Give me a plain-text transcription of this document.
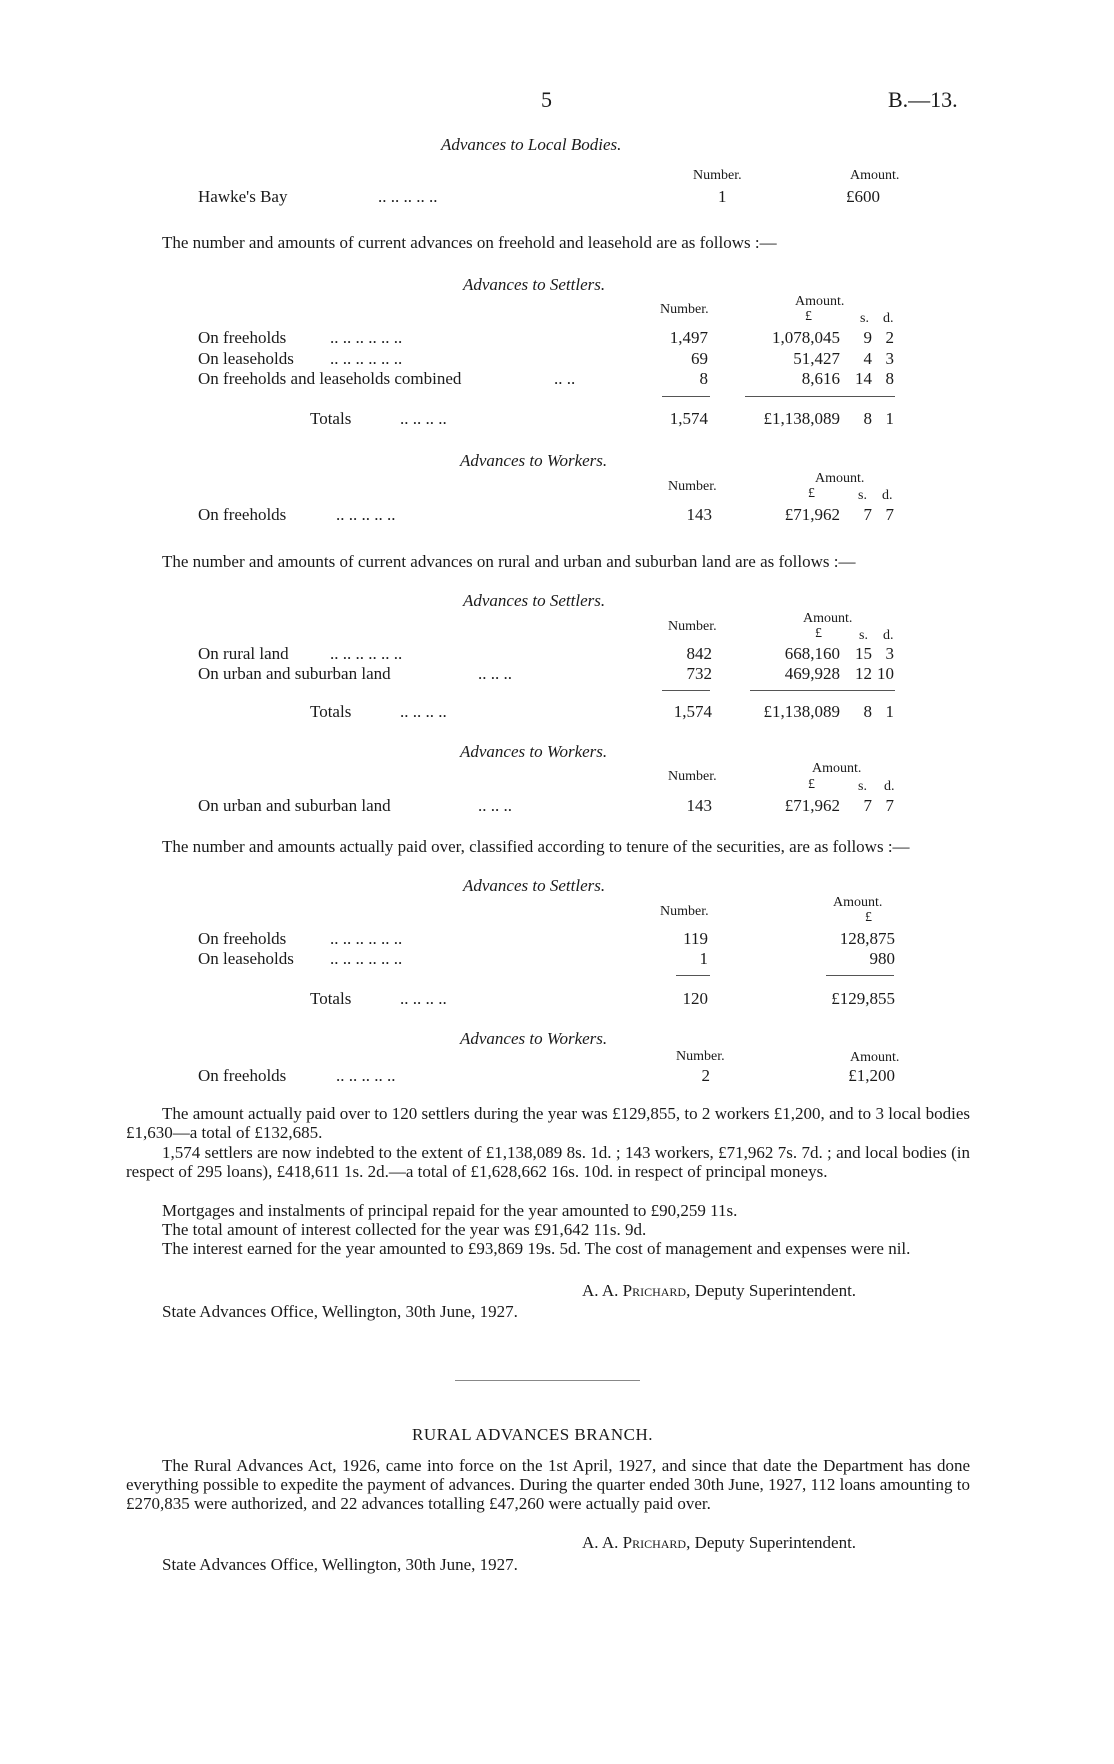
5	B.—13.
Advances to Local Bodies.
Number.	Amount.
Hawke's Bay	.. .. .. .. ..	1	£600
The number and amounts of current advances on freehold and leasehold are as follows :—
Advances to Settlers.
Number.
Amount.
£	s. d.
On freeholds	.. .. .. .. .. ..	1,497	1,078,045	9 2
On leaseholds .. .. .. .. .. ..	69	51,427	4 3
On freeholds and leaseholds combined	.. ..	8	8,616 14 8
Totals	.. .. .. ..	1,574	£1,138,089	8 1
Advances to Workers.
Number.
Amount.
£	s. d.
On freeholds	.. .. .. .. ..	143	£71,962	7 7
The number and amounts of current advances on rural and urban and suburban land are as follows :—
Advances to Settlers.
Number.
Amount.
£	s. d.
On rural land .. .. .. .. .. ..	842	668,160 15 3
On urban and suburban land	.. .. ..	732	469,928 12 10
Totals	.. .. .. ..	1,574	£1,138,089	8 1
Advances to Workers.
Number.
Amount.
£	s. d.
On urban and suburban land	.. .. ..	143	£71,962	7 7
The number and amounts actually paid over, classified according to tenure of the securities, are as follows :—
Advances to Settlers.
Number.
Amount.
£
On freeholds	.. .. .. .. .. ..	119	128,875
On leaseholds .. .. .. .. .. ..	1	980
Totals	.. .. .. ..	120	£129,855
Advances to Workers.
Number.	Amount.
On freeholds	.. .. .. .. ..	2	£1,200
The amount actually paid over to 120 settlers during the year was £129,855, to 2 workers £1,200, and to 3 local bodies £1,630—a total of £132,685.
1,574 settlers are now indebted to the extent of £1,138,089 8s. 1d. ; 143 workers, £71,962 7s. 7d. ; and local bodies (in respect of 295 loans), £418,611 1s. 2d.—a total of £1,628,662 16s. 10d. in respect of principal moneys.
Mortgages and instalments of principal repaid for the year amounted to £90,259 11s.
The total amount of interest collected for the year was £91,642 11s. 9d.
The interest earned for the year amounted to £93,869 19s. 5d. The cost of management and expenses were nil.
A. A. Prichard, Deputy Superintendent.
State Advances Office, Wellington, 30th June, 1927.
RURAL ADVANCES BRANCH.
The Rural Advances Act, 1926, came into force on the 1st April, 1927, and since that date the Department has done everything possible to expedite the payment of advances. During the quarter ended 30th June, 1927, 112 loans amounting to £270,835 were authorized, and 22 advances totalling £47,260 were actually paid over.
A. A. Prichard, Deputy Superintendent.
State Advances Office, Wellington, 30th June, 1927.
